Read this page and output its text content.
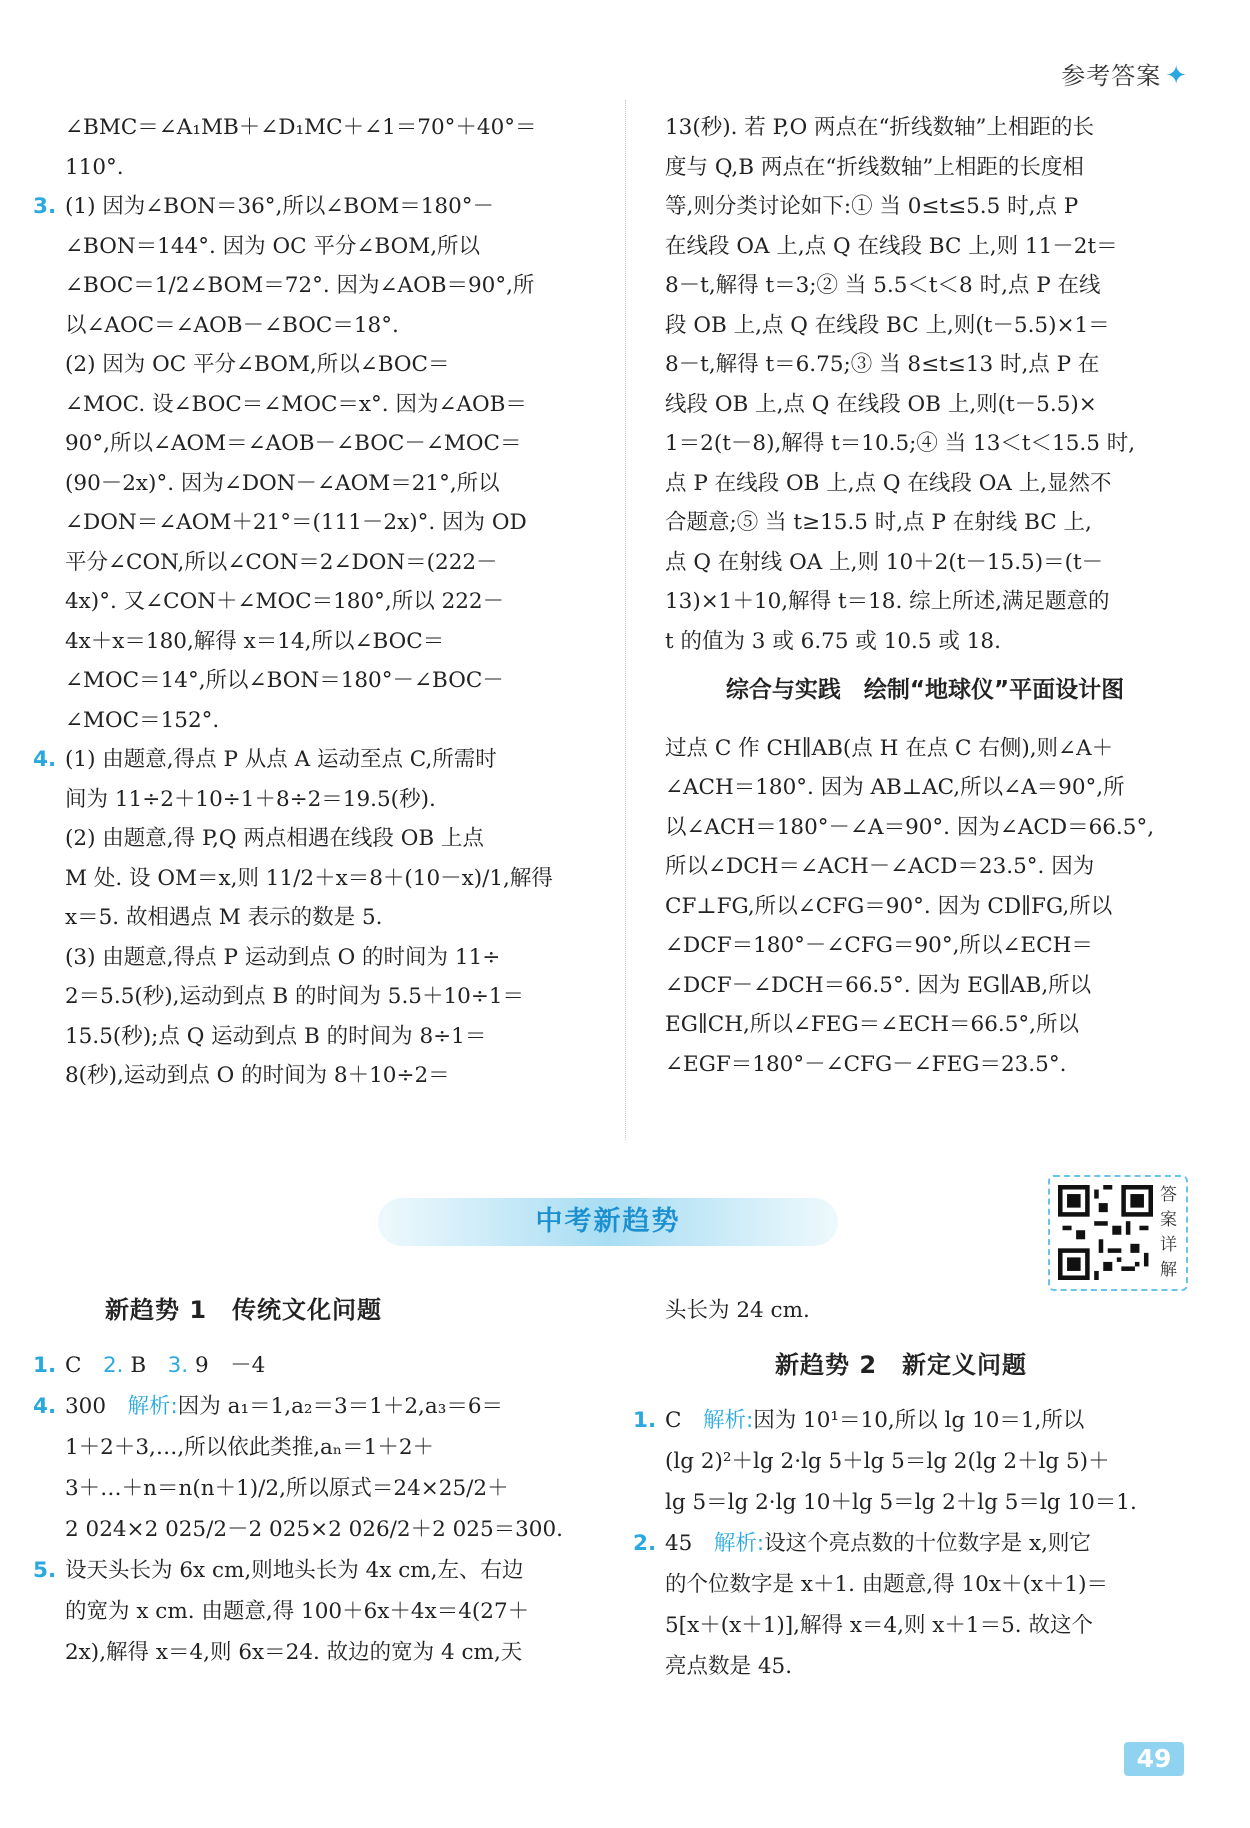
参考答案 ✦

∠BMC＝∠A₁MB＋∠D₁MC＋∠1＝70°＋40°＝

110°.

3. (1) 因为∠BON＝36°,所以∠BOM＝180°－

∠BON＝144°. 因为 OC 平分∠BOM,所以

∠BOC＝1/2∠BOM＝72°. 因为∠AOB＝90°,所

以∠AOC＝∠AOB－∠BOC＝18°.

(2) 因为 OC 平分∠BOM,所以∠BOC＝

∠MOC. 设∠BOC＝∠MOC＝x°. 因为∠AOB＝

90°,所以∠AOM＝∠AOB－∠BOC－∠MOC＝

(90－2x)°. 因为∠DON－∠AOM＝21°,所以

∠DON＝∠AOM＋21°＝(111－2x)°. 因为 OD

平分∠CON,所以∠CON＝2∠DON＝(222－

4x)°. 又∠CON＋∠MOC＝180°,所以 222－

4x＋x＝180,解得 x＝14,所以∠BOC＝

∠MOC＝14°,所以∠BON＝180°－∠BOC－

∠MOC＝152°.

4. (1) 由题意,得点 P 从点 A 运动至点 C,所需时

间为 11÷2＋10÷1＋8÷2＝19.5(秒).

(2) 由题意,得 P,Q 两点相遇在线段 OB 上点

M 处. 设 OM＝x,则 11/2＋x＝8＋(10－x)/1,解得

x＝5. 故相遇点 M 表示的数是 5.

(3) 由题意,得点 P 运动到点 O 的时间为 11÷

2＝5.5(秒),运动到点 B 的时间为 5.5＋10÷1＝

15.5(秒);点 Q 运动到点 B 的时间为 8÷1＝

8(秒),运动到点 O 的时间为 8＋10÷2＝

13(秒). 若 P,O 两点在“折线数轴”上相距的长

度与 Q,B 两点在“折线数轴”上相距的长度相

等,则分类讨论如下:① 当 0≤t≤5.5 时,点 P

在线段 OA 上,点 Q 在线段 BC 上,则 11－2t＝

8－t,解得 t＝3;② 当 5.5＜t＜8 时,点 P 在线

段 OB 上,点 Q 在线段 BC 上,则(t－5.5)×1＝

8－t,解得 t＝6.75;③ 当 8≤t≤13 时,点 P 在

线段 OB 上,点 Q 在线段 OB 上,则(t－5.5)×

1＝2(t－8),解得 t＝10.5;④ 当 13＜t＜15.5 时,

点 P 在线段 OB 上,点 Q 在线段 OA 上,显然不

合题意;⑤ 当 t≥15.5 时,点 P 在射线 BC 上,

点 Q 在射线 OA 上,则 10＋2(t－15.5)＝(t－

13)×1＋10,解得 t＝18. 综上所述,满足题意的

t 的值为 3 或 6.75 或 10.5 或 18.

综合与实践　绘制“地球仪”平面设计图

过点 C 作 CH∥AB(点 H 在点 C 右侧),则∠A＋

∠ACH＝180°. 因为 AB⊥AC,所以∠A＝90°,所

以∠ACH＝180°－∠A＝90°. 因为∠ACD＝66.5°,

所以∠DCH＝∠ACH－∠ACD＝23.5°. 因为

CF⊥FG,所以∠CFG＝90°. 因为 CD∥FG,所以

∠DCF＝180°－∠CFG＝90°,所以∠ECH＝

∠DCF－∠DCH＝66.5°. 因为 EG∥AB,所以

EG∥CH,所以∠FEG＝∠ECH＝66.5°,所以

∠EGF＝180°－∠CFG－∠FEG＝23.5°.

中考新趋势
答案详解
新趋势 1　传统文化问题
1. C　2. B　3. 9　－4

4. 300　解析:因为 a₁＝1,a₂＝3＝1＋2,a₃＝6＝

1＋2＋3,…,所以依此类推,aₙ＝1＋2＋

3＋…＋n＝n(n＋1)/2,所以原式＝24×25/2＋

2 024×2 025/2－2 025×2 026/2＋2 025＝300.

5. 设天头长为 6x cm,则地头长为 4x cm,左、右边

的宽为 x cm. 由题意,得 100＋6x＋4x＝4(27＋

2x),解得 x＝4,则 6x＝24. 故边的宽为 4 cm,天

头长为 24 cm.

新趋势 2　新定义问题
1. C　解析:因为 10¹＝10,所以 lg 10＝1,所以

(lg 2)²＋lg 2·lg 5＋lg 5＝lg 2(lg 2＋lg 5)＋

lg 5＝lg 2·lg 10＋lg 5＝lg 2＋lg 5＝lg 10＝1.

2. 45　解析:设这个亮点数的十位数字是 x,则它

的个位数字是 x＋1. 由题意,得 10x＋(x＋1)＝

5[x＋(x＋1)],解得 x＝4,则 x＋1＝5. 故这个

亮点数是 45.

49
